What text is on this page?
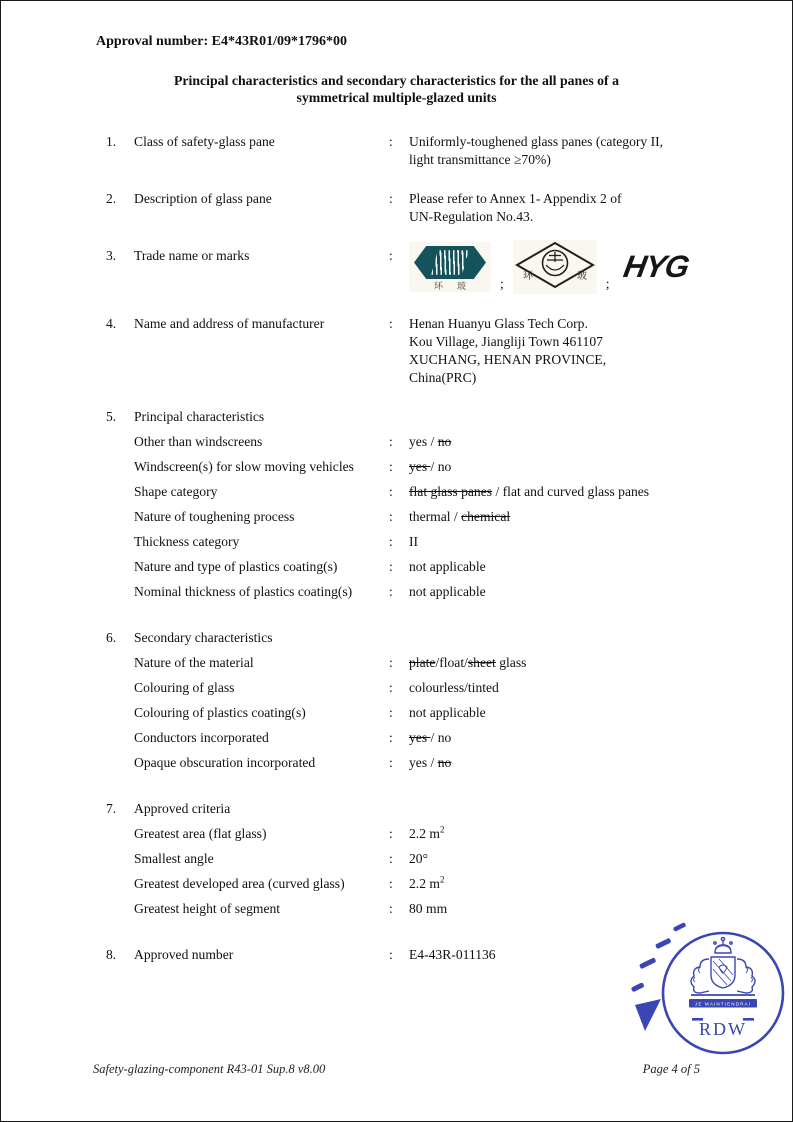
Approval number: E4*43R01/09*1796*00
Principal characteristics and secondary characteristics for the all panes of a
symmetrical multiple-glazed units
1.	Class of safety-glass pane	:	Uniformly-toughened glass panes (category II,
light transmittance ≥70%)
2.	Description of glass pane	:	Please refer to Annex 1- Appendix 2 of
UN-Regulation No.43.
3.	Trade name or marks	:
环玻 ; 环	玻 ; HYG
4.	Name and address of manufacturer	:	Henan Huanyu Glass Tech Corp.
Kou Village, Jiangliji Town 461107
XUCHANG, HENAN PROVINCE,
China(PRC)
5.	Principal characteristics
Other than windscreens	:	yes / no
Windscreen(s) for slow moving vehicles	:	yes / no
Shape category	:	flat glass panes / flat and curved glass panes
Nature of toughening process	:	thermal / chemical
Thickness category	:	II
Nature and type of plastics coating(s)	:	not applicable
Nominal thickness of plastics coating(s)	:	not applicable
6.	Secondary characteristics
Nature of the material	:	plate/float/sheet glass
Colouring of glass	:	colourless/tinted
Colouring of plastics coating(s)	:	not applicable
Conductors incorporated	:	yes / no
Opaque obscuration incorporated	:	yes / no
7.	Approved criteria
Greatest area (flat glass)	:	2.2 $m^2$
Smallest angle	:	20°
Greatest developed area (curved glass)	:	2.2 $m^2$
Greatest height of segment	:	80 mm
8.	Approved number	:	E4-43R-011136
JE MAINTIENDRAI
RDW
Safety-glazing-component R43-01 Sup.8 v8.00	Page 4 of 5
